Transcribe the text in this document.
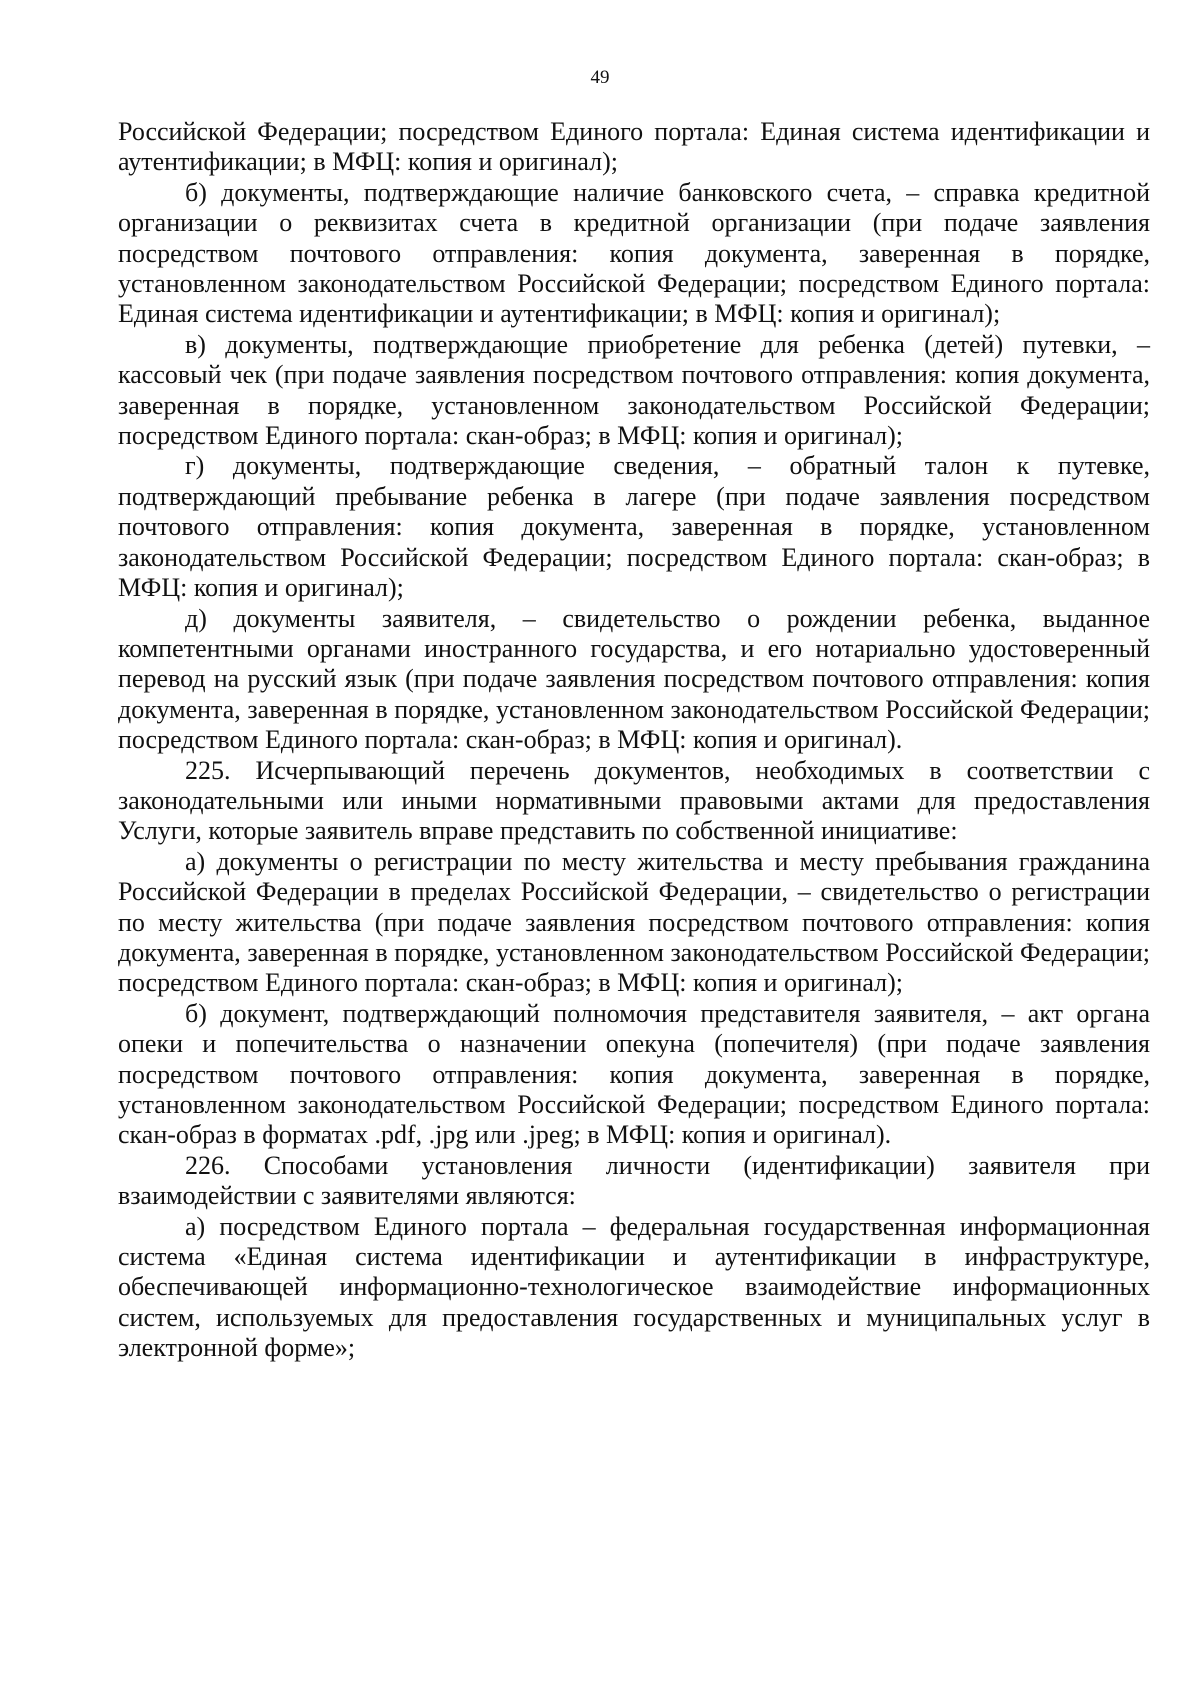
49

Российской Федерации; посредством Единого портала: Единая система идентификации и аутентификации; в МФЦ: копия и оригинал);

б) документы, подтверждающие наличие банковского счета, – справка кредитной организации о реквизитах счета в кредитной организации (при подаче заявления посредством почтового отправления: копия документа, заверенная в порядке, установленном законодательством Российской Федерации; посредством Единого портала: Единая система идентификации и аутентификации; в МФЦ: копия и оригинал);

в) документы, подтверждающие приобретение для ребенка (детей) путевки, – кассовый чек (при подаче заявления посредством почтового отправления: копия документа, заверенная в порядке, установленном законодательством Российской Федерации; посредством Единого портала: скан-образ; в МФЦ: копия и оригинал);

г) документы, подтверждающие сведения, – обратный талон к путевке, подтверждающий пребывание ребенка в лагере (при подаче заявления посредством почтового отправления: копия документа, заверенная в порядке, установленном законодательством Российской Федерации; посредством Единого портала: скан-образ; в МФЦ: копия и оригинал);

д) документы заявителя, – свидетельство о рождении ребенка, выданное компетентными органами иностранного государства, и его нотариально удостоверенный перевод на русский язык (при подаче заявления посредством почтового отправления: копия документа, заверенная в порядке, установленном законодательством Российской Федерации; посредством Единого портала: скан-образ; в МФЦ: копия и оригинал).

225. Исчерпывающий перечень документов, необходимых в соответствии с законодательными или иными нормативными правовыми актами для предоставления Услуги, которые заявитель вправе представить по собственной инициативе:

а) документы о регистрации по месту жительства и месту пребывания гражданина Российской Федерации в пределах Российской Федерации, – свидетельство о регистрации по месту жительства (при подаче заявления посредством почтового отправления: копия документа, заверенная в порядке, установленном законодательством Российской Федерации; посредством Единого портала: скан-образ; в МФЦ: копия и оригинал);

б) документ, подтверждающий полномочия представителя заявителя, – акт органа опеки и попечительства о назначении опекуна (попечителя) (при подаче заявления посредством почтового отправления: копия документа, заверенная в порядке, установленном законодательством Российской Федерации; посредством Единого портала: скан-образ в форматах .pdf, .jpg или .jpeg; в МФЦ: копия и оригинал).

226. Способами установления личности (идентификации) заявителя при взаимодействии с заявителями являются:

а) посредством Единого портала – федеральная государственная информационная система «Единая система идентификации и аутентификации в инфраструктуре, обеспечивающей информационно-технологическое взаимодействие информационных систем, используемых для предоставления государственных и муниципальных услуг в электронной форме»;
